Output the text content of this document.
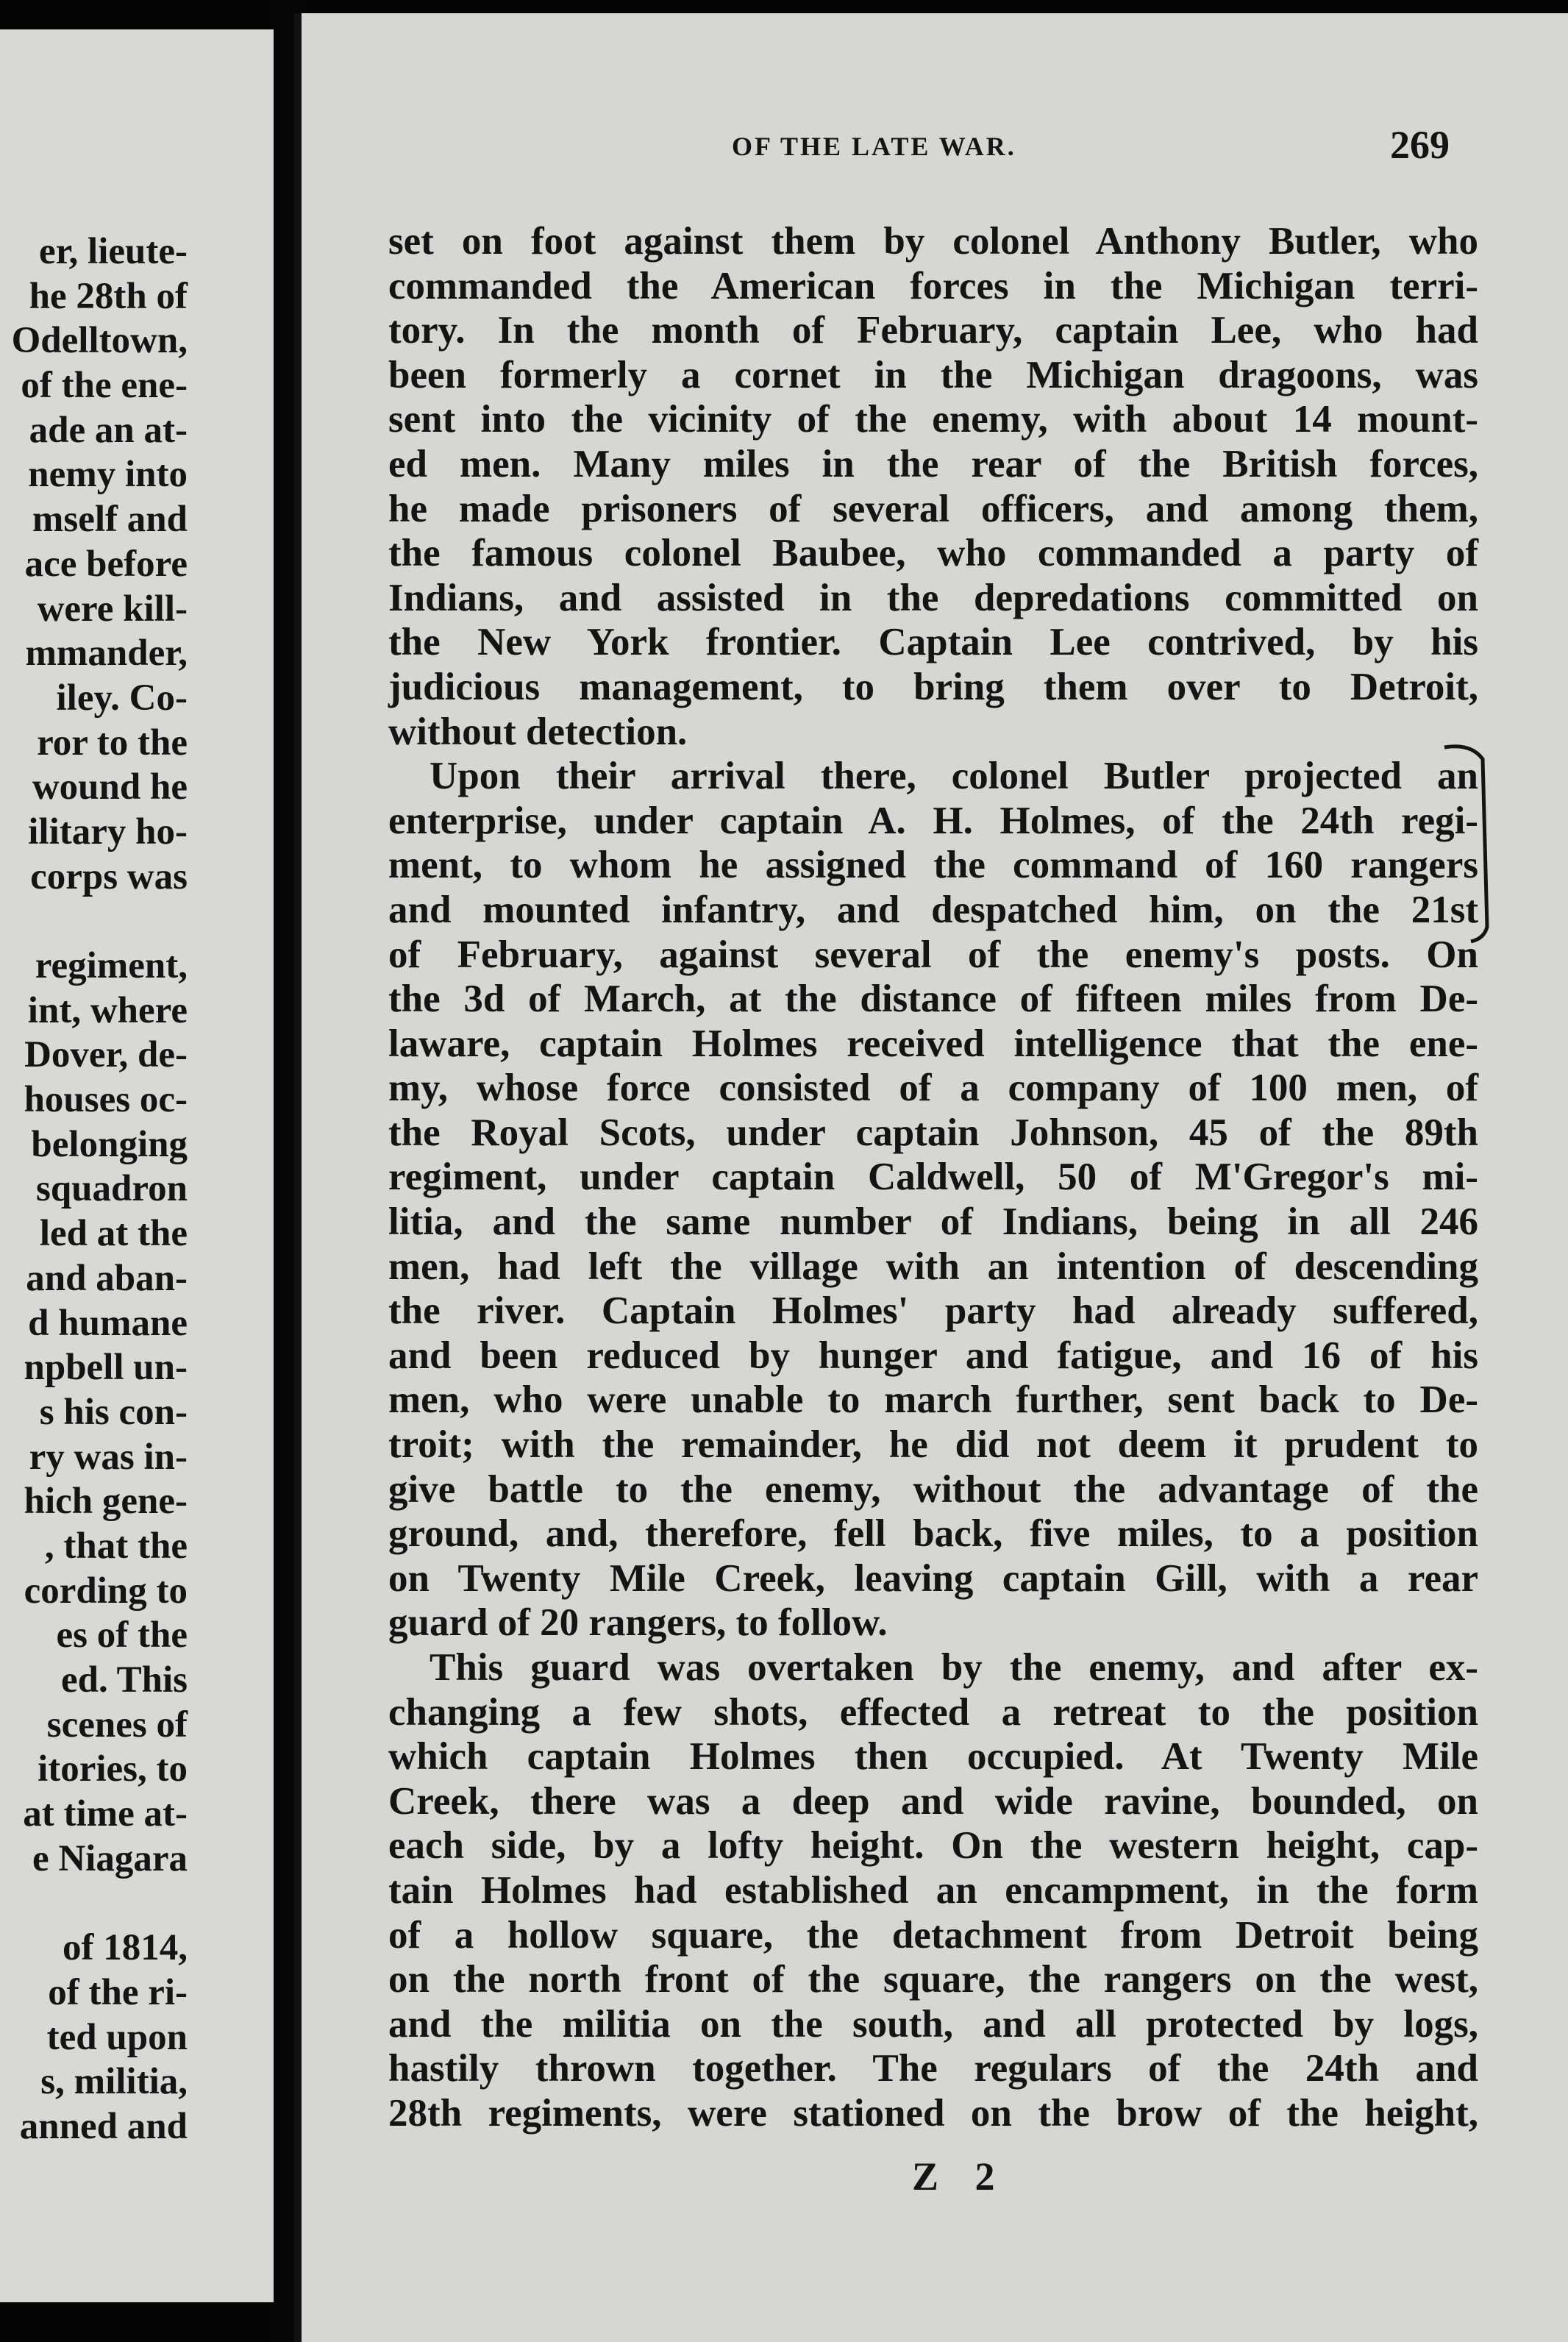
er, lieute-
he 28th of
Odelltown,
of the ene-
ade an at-
nemy into
mself and
ace before
were kill-
mmander,
iley. Co-
ror to the
wound he
ilitary ho-
corps was
regiment,
int, where
Dover, de-
houses oc-
belonging
squadron
led at the
and aban-
d humane
npbell un-
s his con-
ry was in-
hich gene-
, that the
cording to
es of the
ed. This
scenes of
itories, to
at time at-
e Niagara
of 1814,
of the ri-
ted upon
s, militia,
anned and
OF THE LATE WAR.	269
set on foot against them by colonel Anthony Butler, who
commanded the American forces in the Michigan terri-
tory. In the month of February, captain Lee, who had
been formerly a cornet in the Michigan dragoons, was
sent into the vicinity of the enemy, with about 14 mount-
ed men. Many miles in the rear of the British forces,
he made prisoners of several officers, and among them,
the famous colonel Baubee, who commanded a party of
Indians, and assisted in the depredations committed on
the New York frontier. Captain Lee contrived, by his
judicious management, to bring them over to Detroit,
without detection.
Upon their arrival there, colonel Butler projected an
enterprise, under captain A. H. Holmes, of the 24th regi-
ment, to whom he assigned the command of 160 rangers
and mounted infantry, and despatched him, on the 21st
of February, against several of the enemy's posts. On
the 3d of March, at the distance of fifteen miles from De-
laware, captain Holmes received intelligence that the ene-
my, whose force consisted of a company of 100 men, of
the Royal Scots, under captain Johnson, 45 of the 89th
regiment, under captain Caldwell, 50 of M'Gregor's mi-
litia, and the same number of Indians, being in all 246
men, had left the village with an intention of descending
the river. Captain Holmes' party had already suffered,
and been reduced by hunger and fatigue, and 16 of his
men, who were unable to march further, sent back to De-
troit; with the remainder, he did not deem it prudent to
give battle to the enemy, without the advantage of the
ground, and, therefore, fell back, five miles, to a position
on Twenty Mile Creek, leaving captain Gill, with a rear
guard of 20 rangers, to follow.
This guard was overtaken by the enemy, and after ex-
changing a few shots, effected a retreat to the position
which captain Holmes then occupied. At Twenty Mile
Creek, there was a deep and wide ravine, bounded, on
each side, by a lofty height. On the western height, cap-
tain Holmes had established an encampment, in the form
of a hollow square, the detachment from Detroit being
on the north front of the square, the rangers on the west,
and the militia on the south, and all protected by logs,
hastily thrown together. The regulars of the 24th and
28th regiments, were stationed on the brow of the height,
Z 2
